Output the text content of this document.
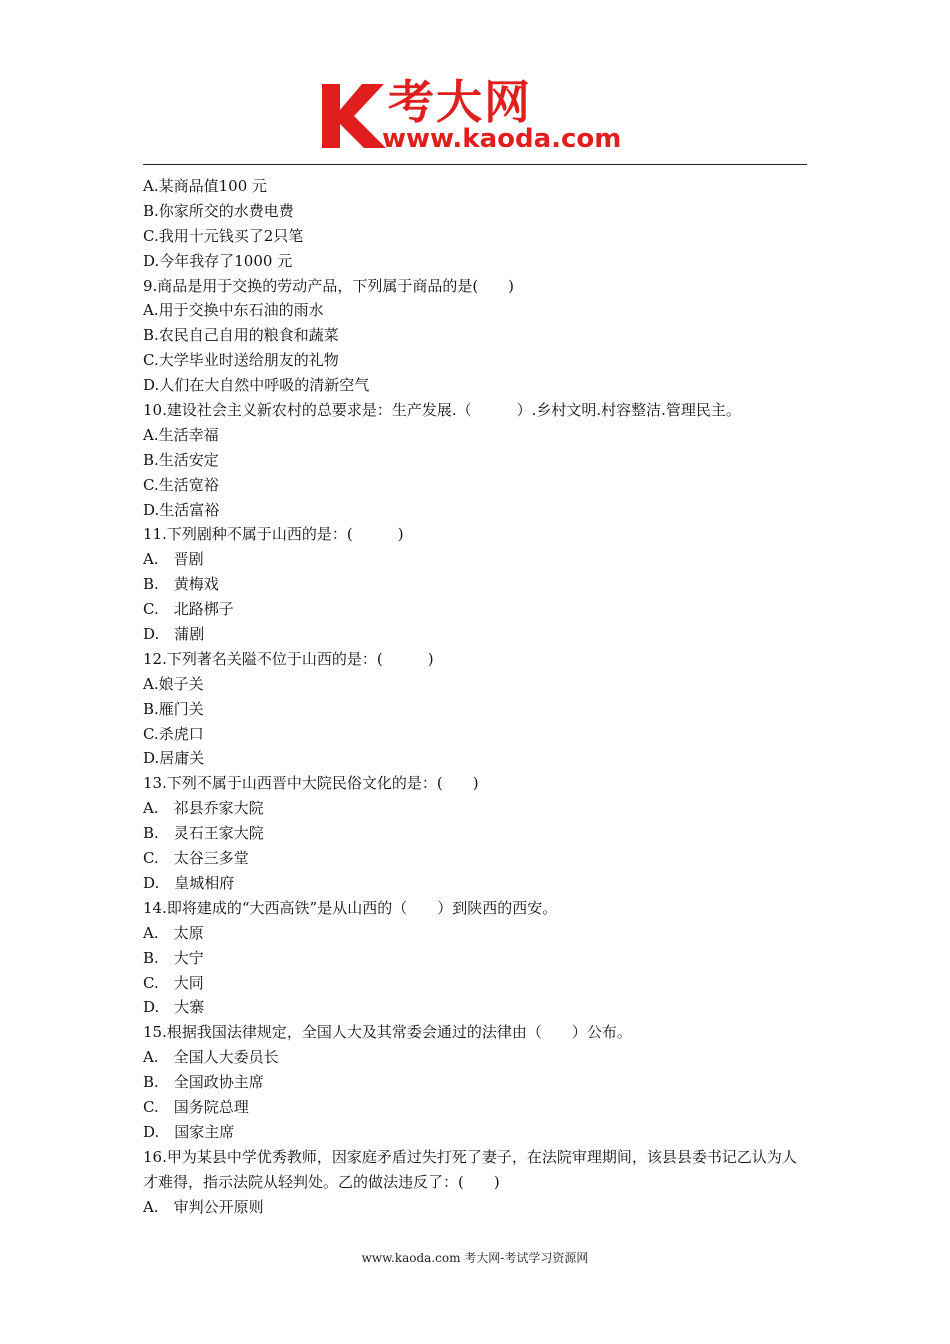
考大网
www.kaoda.com
A.某商品值100 元
B.你家所交的水费电费
C.我用十元钱买了2只笔
D.今年我存了1000 元
9.商品是用于交换的劳动产品，下列属于商品的是(　　)
A.用于交换中东石油的雨水
B.农民自己自用的粮食和蔬菜
C.大学毕业时送给朋友的礼物
D.人们在大自然中呼吸的清新空气
10.建设社会主义新农村的总要求是：生产发展.（　　　）.乡村文明.村容整洁.管理民主。
A.生活幸福
B.生活安定
C.生活宽裕
D.生活富裕
11.下列剧种不属于山西的是：(　　　)
A.　晋剧
B.　黄梅戏
C.　北路梆子
D.　蒲剧
12.下列著名关隘不位于山西的是：(　　　)
A.娘子关
B.雁门关
C.杀虎口
D.居庸关
13.下列不属于山西晋中大院民俗文化的是：(　　)
A.　祁县乔家大院
B.　灵石王家大院
C.　太谷三多堂
D.　皇城相府
14.即将建成的“大西高铁”是从山西的（　　）到陕西的西安。
A.　太原
B.　大宁
C.　大同
D.　大寨
15.根据我国法律规定，全国人大及其常委会通过的法律由（　　）公布。
A.　全国人大委员长
B.　全国政协主席
C.　国务院总理
D.　国家主席
16.甲为某县中学优秀教师，因家庭矛盾过失打死了妻子，在法院审理期间，该县县委书记乙认为人才难得，指示法院从轻判处。乙的做法违反了：(　　)
A.　审判公开原则
www.kaoda.com 考大网-考试学习资源网
